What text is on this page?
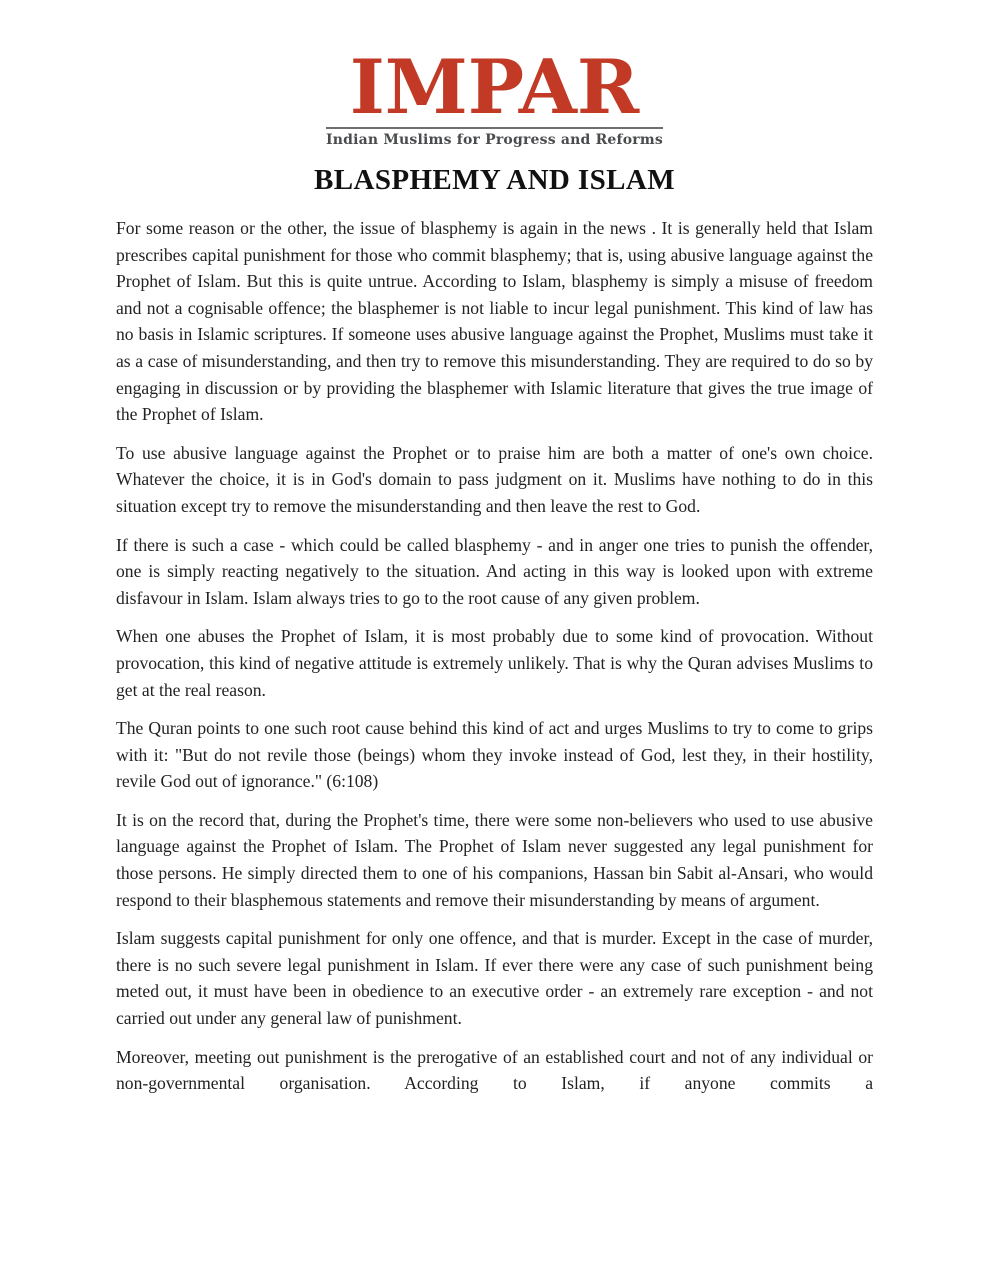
IMPAR
Indian Muslims for Progress and Reforms
BLASPHEMY AND ISLAM

For some reason or the other, the issue of blasphemy is again in the news . It is generally held that Islam prescribes capital punishment for those who commit blasphemy; that is, using abusive language against the Prophet of Islam. But this is quite untrue. According to Islam, blasphemy is simply a misuse of freedom and not a cognisable offence; the blasphemer is not liable to incur legal punishment. This kind of law has no basis in Islamic scriptures. If someone uses abusive language against the Prophet, Muslims must take it as a case of misunderstanding, and then try to remove this misunderstanding. They are required to do so by engaging in discussion or by providing the blasphemer with Islamic literature that gives the true image of the Prophet of Islam.

To use abusive language against the Prophet or to praise him are both a matter of one's own choice. Whatever the choice, it is in God's domain to pass judgment on it. Muslims have nothing to do in this situation except try to remove the misunderstanding and then leave the rest to God.

If there is such a case - which could be called blasphemy - and in anger one tries to punish the offender, one is simply reacting negatively to the situation. And acting in this way is looked upon with extreme disfavour in Islam. Islam always tries to go to the root cause of any given problem.

When one abuses the Prophet of Islam, it is most probably due to some kind of provocation. Without provocation, this kind of negative attitude is extremely unlikely. That is why the Quran advises Muslims to get at the real reason.

The Quran points to one such root cause behind this kind of act and urges Muslims to try to come to grips with it: "But do not revile those (beings) whom they invoke instead of God, lest they, in their hostility, revile God out of ignorance." (6:108)

It is on the record that, during the Prophet's time, there were some non-believers who used to use abusive language against the Prophet of Islam. The Prophet of Islam never suggested any legal punishment for those persons. He simply directed them to one of his companions, Hassan bin Sabit al-Ansari, who would respond to their blasphemous statements and remove their misunderstanding by means of argument.

Islam suggests capital punishment for only one offence, and that is murder. Except in the case of murder, there is no such severe legal punishment in Islam. If ever there were any case of such punishment being meted out, it must have been in obedience to an executive order - an extremely rare exception - and not carried out under any general law of punishment.

Moreover, meeting out punishment is the prerogative of an established court and not of any individual or non-governmental organisation. According to Islam, if anyone commits a
